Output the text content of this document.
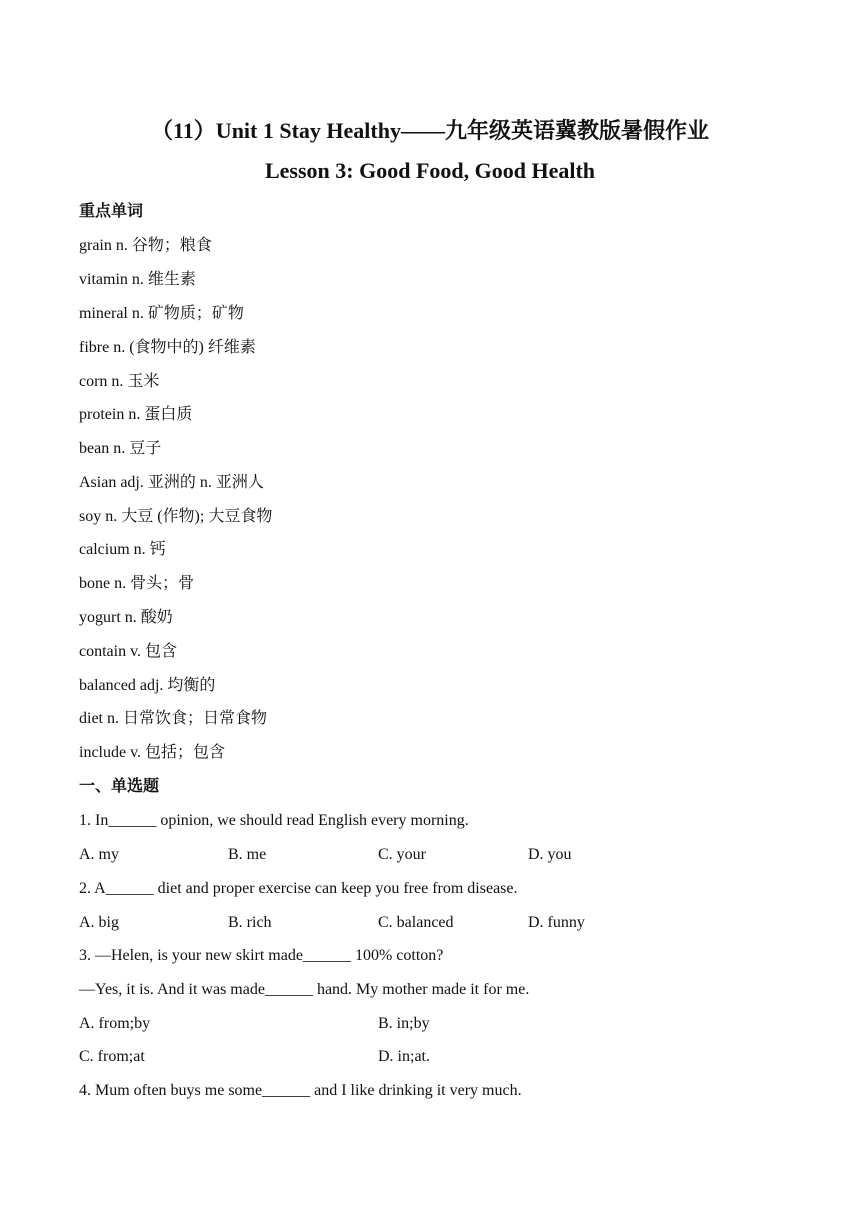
（11）Unit 1 Stay Healthy——九年级英语冀教版暑假作业
Lesson 3: Good Food, Good Health
重点单词
grain n. 谷物；粮食
vitamin n. 维生素
mineral n. 矿物质；矿物
fibre n. (食物中的) 纤维素
corn n. 玉米
protein n. 蛋白质
bean n. 豆子
Asian adj. 亚洲的 n. 亚洲人
soy n. 大豆 (作物); 大豆食物
calcium n. 钙
bone n. 骨头；骨
yogurt n. 酸奶
contain v. 包含
balanced adj. 均衡的
diet n. 日常饮食；日常食物
include v. 包括；包含
一、单选题
1. In______ opinion, we should read English every morning.
A. my	B. me	C. your	D. you
2. A______ diet and proper exercise can keep you free from disease.
A. big	B. rich	C. balanced	D. funny
3. —Helen, is your new skirt made______ 100% cotton?
—Yes, it is. And it was made______ hand. My mother made it for me.
A. from;by	B. in;by
C. from;at	D. in;at.
4. Mum often buys me some______ and I like drinking it very much.
